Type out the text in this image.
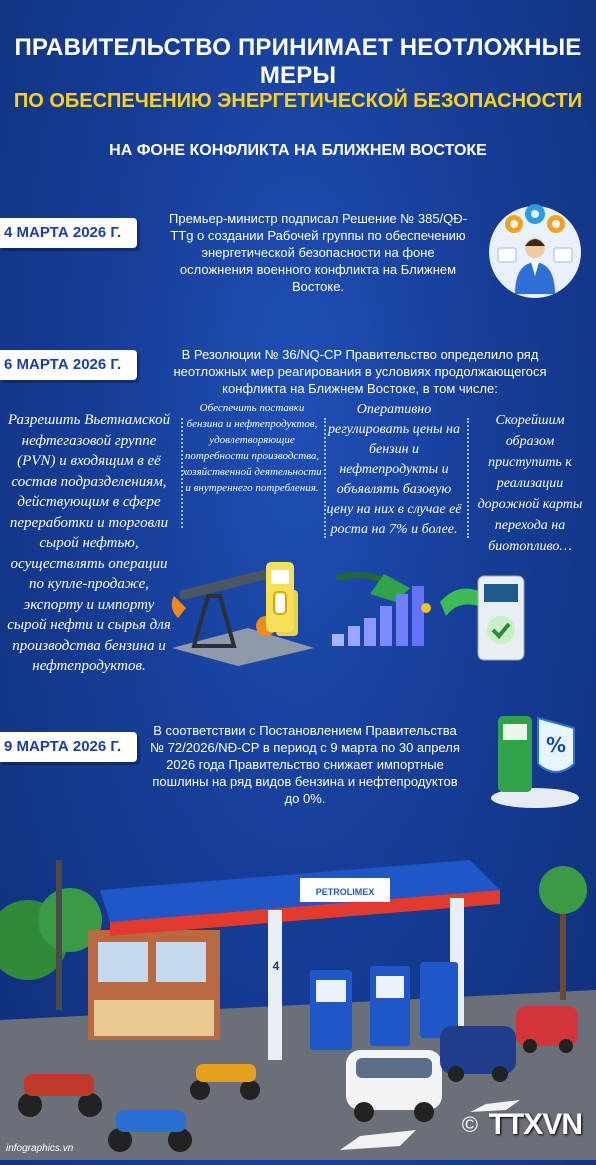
ПРАВИТЕЛЬСТВО ПРИНИМАЕТ НЕОТЛОЖНЫЕ МЕРЫ
ПО ОБЕСПЕЧЕНИЮ ЭНЕРГЕТИЧЕСКОЙ БЕЗОПАСНОСТИ
НА ФОНЕ КОНФЛИКТА НА БЛИЖНЕМ ВОСТОКЕ
4 МАРТА 2026 Г.
Премьер-министр подписал Решение № 385/QĐ-TTg о создании Рабочей группы по обеспечению энергетической безопасности на фоне осложнения военного конфликта на Ближнем Востоке.
6 МАРТА 2026 Г.
В Резолюции № 36/NQ-CP Правительство определило ряд неотложных мер реагирования в условиях продолжающегося конфликта на Ближнем Востоке, в том числе:
Разрешить Вьетнамской нефтегазовой группе (PVN) и входящим в её состав подразделениям, действующим в сфере переработки и торговли сырой нефтью, осуществлять операции по купле-продаже, экспорту и импорту сырой нефти и сырья для производства бензина и нефтепродуктов.
Обеспечить поставки бензина и нефтепродуктов, удовлетворяющие потребности производства, хозяйственной деятельности и внутреннего потребления.
Оперативно регулировать цены на бензин и нефтепродукты и объявлять базовую цену на них в случае её роста на 7% и более.
Скорейшим образом приступить к реализации дорожной карты перехода на биотопливо…
9 МАРТА 2026 Г.
В соответствии с Постановлением Правительства № 72/2026/NĐ-CP в период с 9 марта по 30 апреля 2026 года Правительство снижает импортные пошлины на ряд видов бензина и нефтепродуктов до 0%.
%
PETROLIMEX
4
infographics.vn
© TTXVN
